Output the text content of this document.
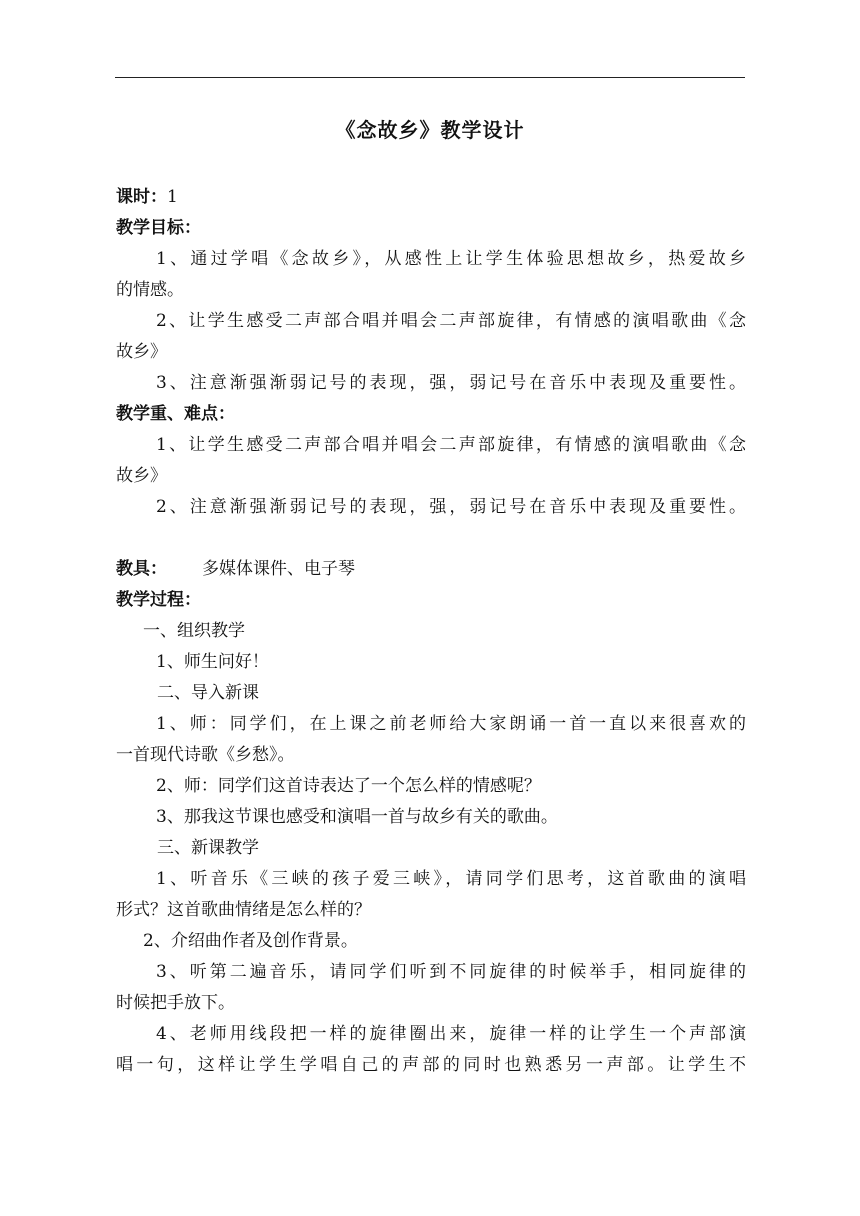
《念故乡》教学设计
课时：1
教学目标：
1、通过学唱《念故乡》，从感性上让学生体验思想故乡，热爱故乡
的情感。
2、让学生感受二声部合唱并唱会二声部旋律，有情感的演唱歌曲《念
故乡》
3、注意渐强渐弱记号的表现，强，弱记号在音乐中表现及重要性。
教学重、难点：
1、让学生感受二声部合唱并唱会二声部旋律，有情感的演唱歌曲《念
故乡》
2、注意渐强渐弱记号的表现，强，弱记号在音乐中表现及重要性。
教具： 多媒体课件、电子琴
教学过程：
一、组织教学
1、师生问好！
二、导入新课
1、师：同学们，在上课之前老师给大家朗诵一首一直以来很喜欢的
一首现代诗歌《乡愁》。
2、师：同学们这首诗表达了一个怎么样的情感呢？
3、那我这节课也感受和演唱一首与故乡有关的歌曲。
三、新课教学
1、听音乐《三峡的孩子爱三峡》，请同学们思考，这首歌曲的演唱
形式？这首歌曲情绪是怎么样的？
2、介绍曲作者及创作背景。
3、听第二遍音乐，请同学们听到不同旋律的时候举手，相同旋律的
时候把手放下。
4、老师用线段把一样的旋律圈出来，旋律一样的让学生一个声部演
唱一句，这样让学生学唱自己的声部的同时也熟悉另一声部。让学生不
